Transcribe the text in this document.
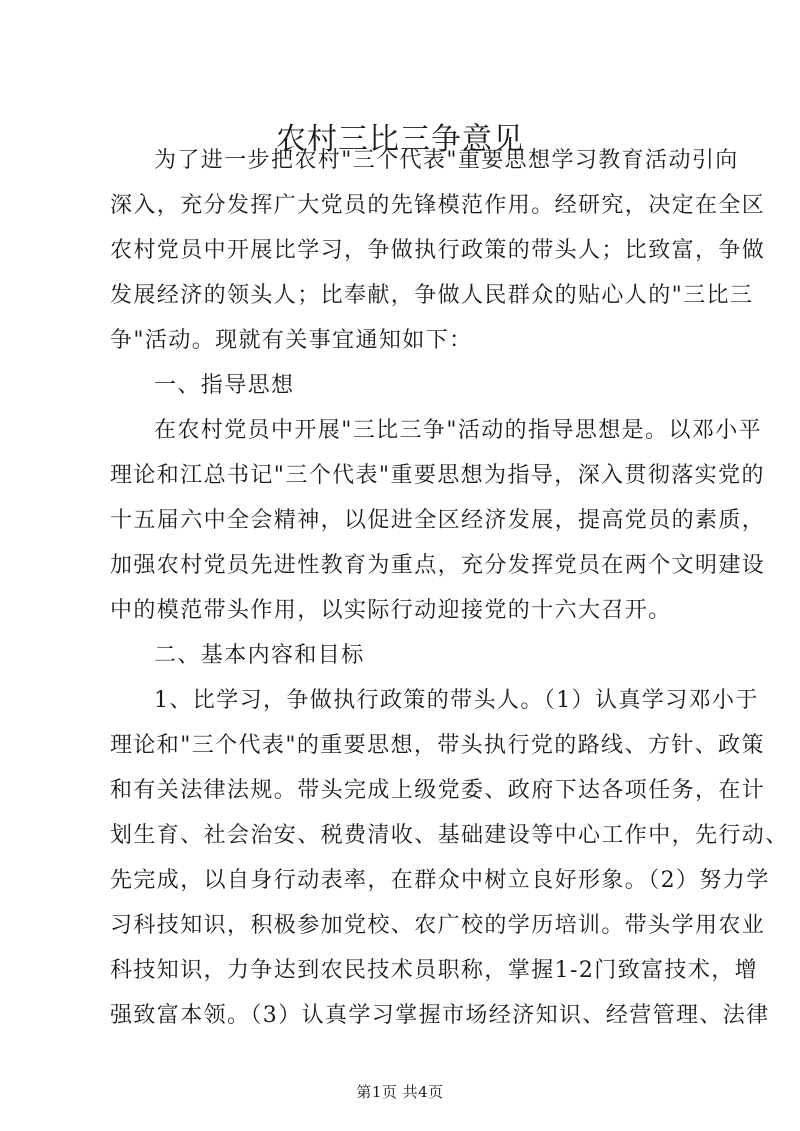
农村三比三争意见
为了进一步把农村"三个代表"重要思想学习教育活动引向
深入，充分发挥广大党员的先锋模范作用。经研究，决定在全区
农村党员中开展比学习，争做执行政策的带头人；比致富，争做
发展经济的领头人；比奉献，争做人民群众的贴心人的"三比三
争"活动。现就有关事宜通知如下：
一、指导思想
在农村党员中开展"三比三争"活动的指导思想是。以邓小平
理论和江总书记"三个代表"重要思想为指导，深入贯彻落实党的
十五届六中全会精神，以促进全区经济发展，提高党员的素质，
加强农村党员先进性教育为重点，充分发挥党员在两个文明建设
中的模范带头作用，以实际行动迎接党的十六大召开。
二、基本内容和目标
1、比学习，争做执行政策的带头人。（1）认真学习邓小于
理论和"三个代表"的重要思想，带头执行党的路线、方针、政策
和有关法律法规。带头完成上级党委、政府下达各项任务，在计
划生育、社会治安、税费清收、基础建设等中心工作中，先行动、
先完成，以自身行动表率，在群众中树立良好形象。（2）努力学
习科技知识，积极参加党校、农广校的学历培训。带头学用农业
科技知识，力争达到农民技术员职称，掌握1-2门致富技术，增
第1页 共4页
强致富本领。（3）认真学习掌握市场经济知识、经营管理、法律
